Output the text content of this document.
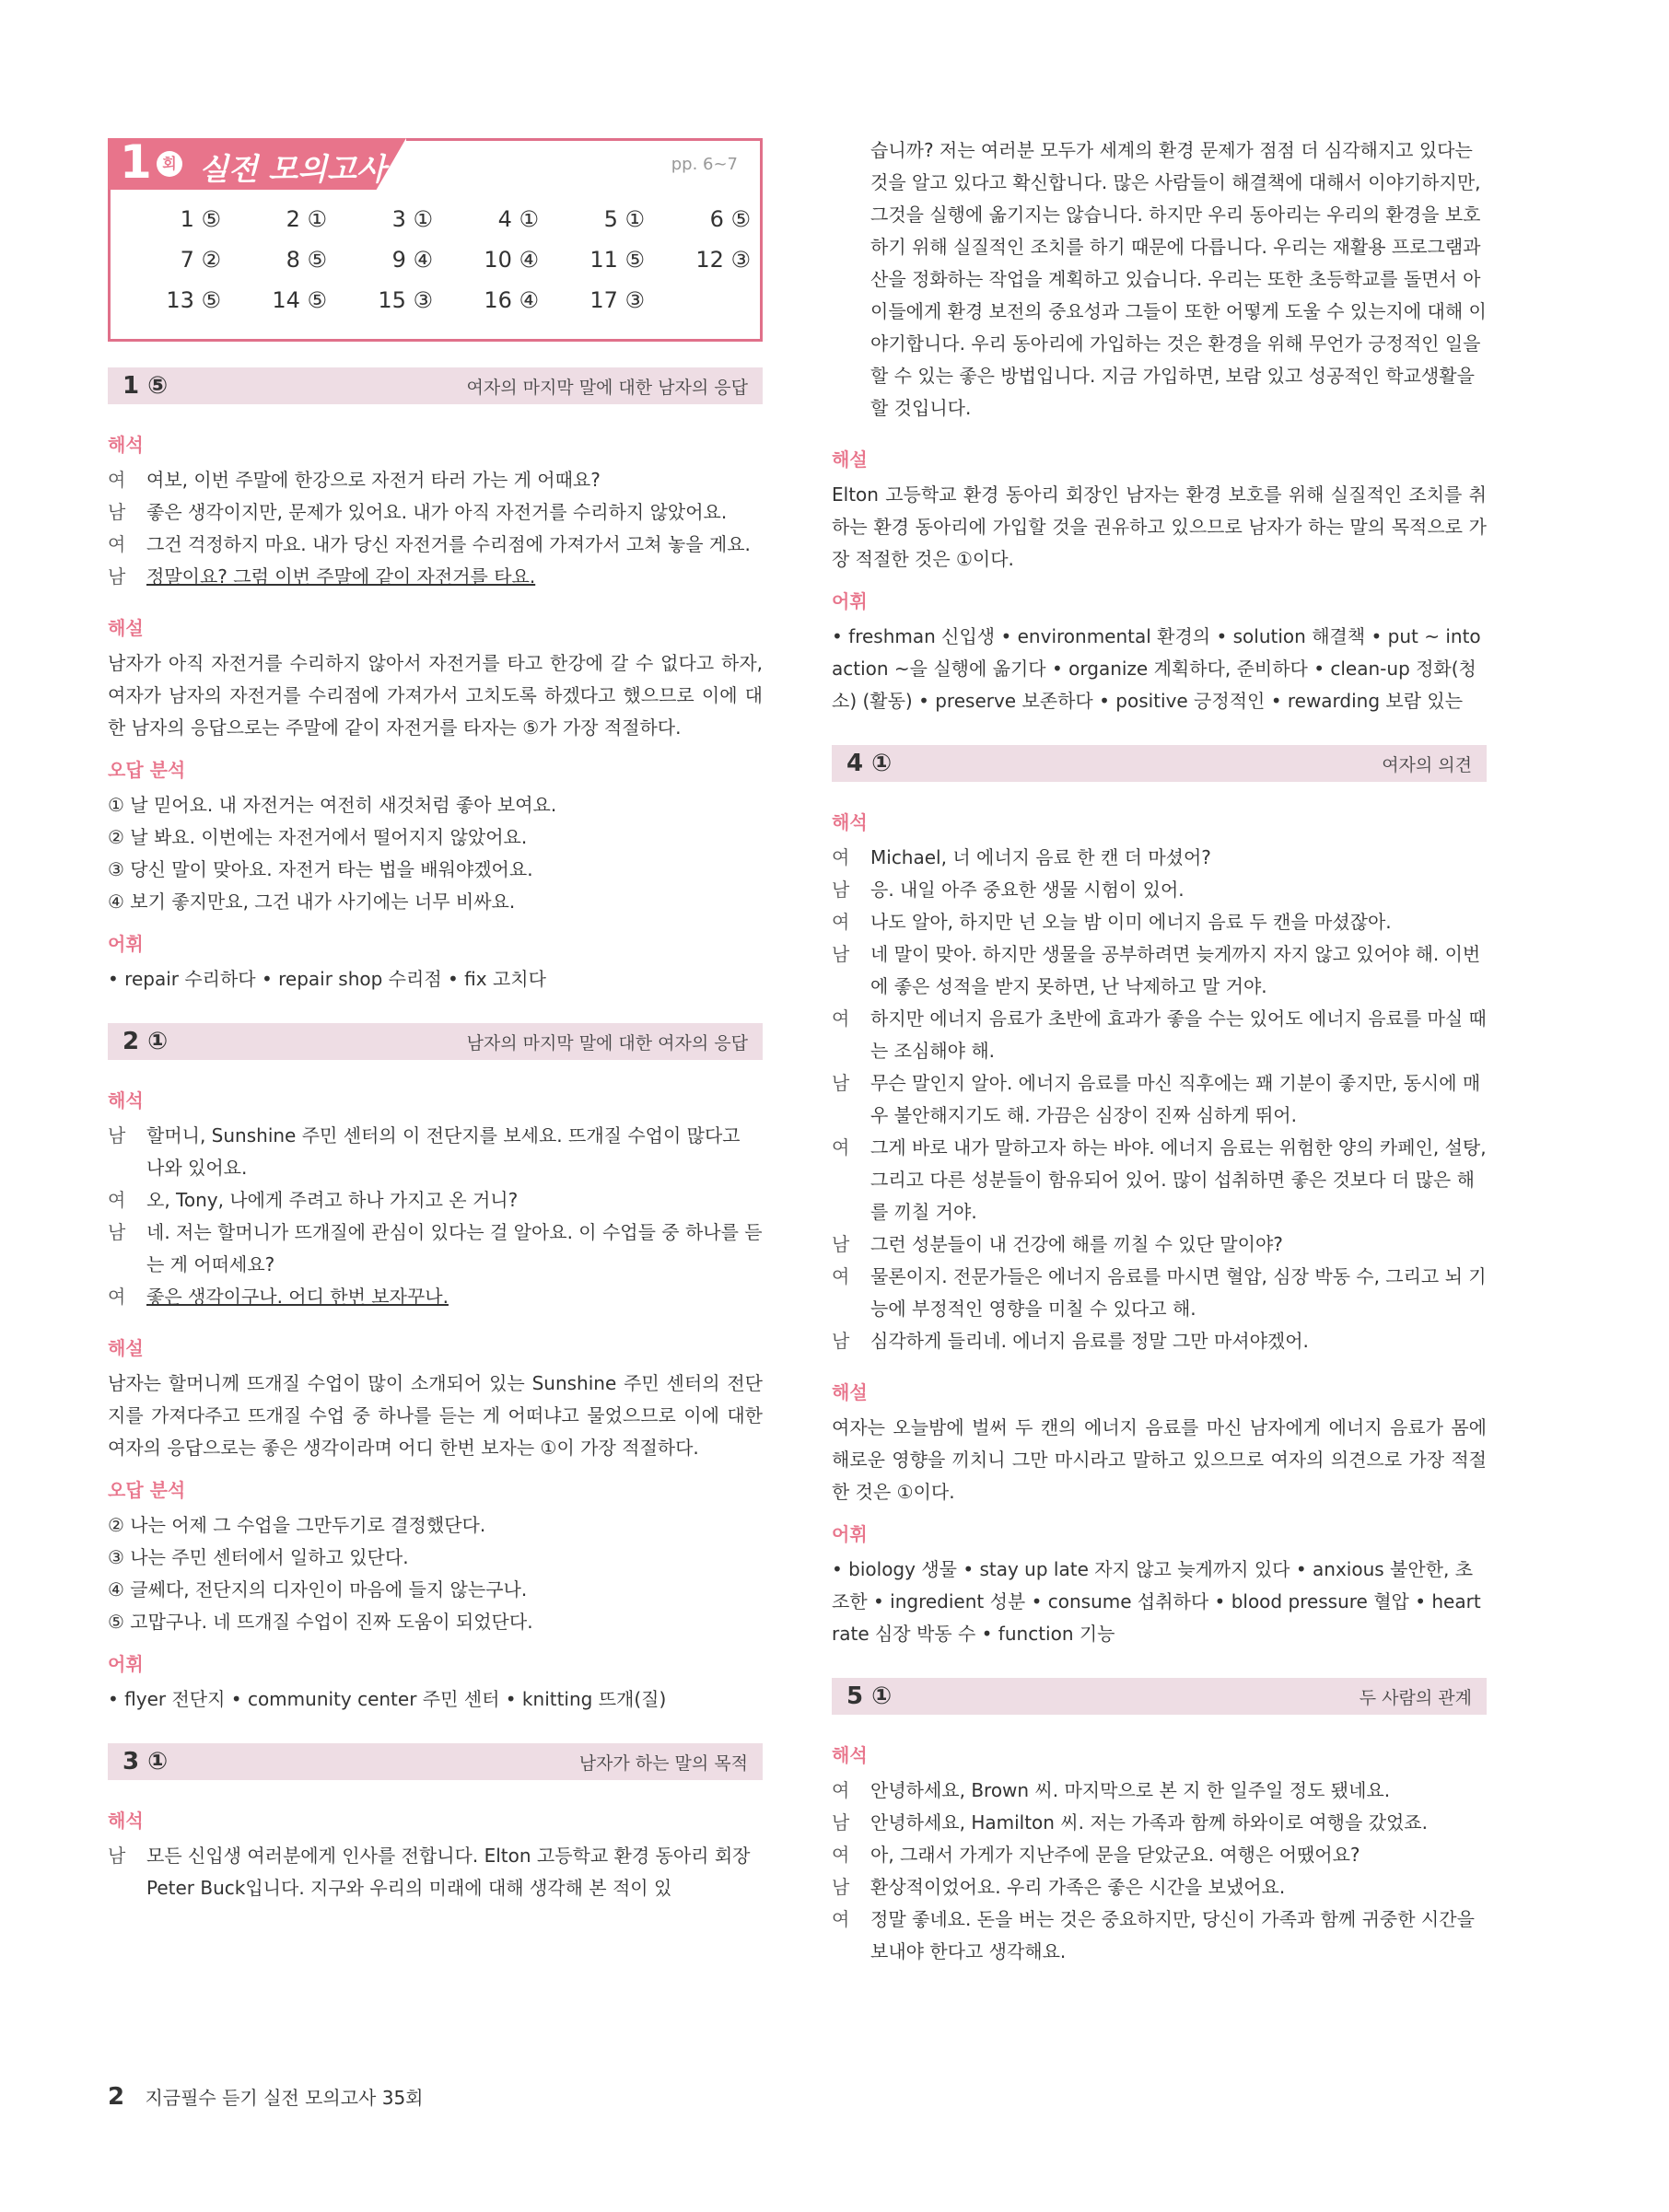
1 회 실전 모의고사	pp. 6~7
1 ⑤	2 ①	3 ①	4 ①	5 ①	6 ⑤
7 ②	8 ⑤	9 ④	10 ④	11 ⑤	12 ③
13 ⑤	14 ⑤	15 ③	16 ④	17 ③
1 ⑤	여자의 마지막 말에 대한 남자의 응답
해석
여 여보, 이번 주말에 한강으로 자전거 타러 가는 게 어때요?
남 좋은 생각이지만, 문제가 있어요. 내가 아직 자전거를 수리하지 않았어요.
여 그건 걱정하지 마요. 내가 당신 자전거를 수리점에 가져가서 고쳐 놓을 게요.
남 정말이요? 그럼 이번 주말에 같이 자전거를 타요.
해설
남자가 아직 자전거를 수리하지 않아서 자전거를 타고 한강에 갈 수 없다고 하자, 여자가 남자의 자전거를 수리점에 가져가서 고치도록 하겠다고 했으므로 이에 대한 남자의 응답으로는 주말에 같이 자전거를 타자는 ⑤가 가장 적절하다.
오답 분석
① 날 믿어요. 내 자전거는 여전히 새것처럼 좋아 보여요.
② 날 봐요. 이번에는 자전거에서 떨어지지 않았어요.
③ 당신 말이 맞아요. 자전거 타는 법을 배워야겠어요.
④ 보기 좋지만요, 그건 내가 사기에는 너무 비싸요.
어휘
• repair 수리하다 • repair shop 수리점 • fix 고치다
2 ①	남자의 마지막 말에 대한 여자의 응답
해석
남 할머니, Sunshine 주민 센터의 이 전단지를 보세요. 뜨개질 수업이 많다고 나와 있어요.
여 오, Tony, 나에게 주려고 하나 가지고 온 거니?
남 네. 저는 할머니가 뜨개질에 관심이 있다는 걸 알아요. 이 수업들 중 하나를 듣는 게 어떠세요?
여 좋은 생각이구나. 어디 한번 보자꾸나.
해설
남자는 할머니께 뜨개질 수업이 많이 소개되어 있는 Sunshine 주민 센터의 전단지를 가져다주고 뜨개질 수업 중 하나를 듣는 게 어떠냐고 물었으므로 이에 대한 여자의 응답으로는 좋은 생각이라며 어디 한번 보자는 ①이 가장 적절하다.
오답 분석
② 나는 어제 그 수업을 그만두기로 결정했단다.
③ 나는 주민 센터에서 일하고 있단다.
④ 글쎄다, 전단지의 디자인이 마음에 들지 않는구나.
⑤ 고맙구나. 네 뜨개질 수업이 진짜 도움이 되었단다.
어휘
• flyer 전단지 • community center 주민 센터 • knitting 뜨개(질)
3 ①	남자가 하는 말의 목적
해석
남 모든 신입생 여러분에게 인사를 전합니다. Elton 고등학교 환경 동아리 회장 Peter Buck입니다. 지구와 우리의 미래에 대해 생각해 본 적이 있
습니까? 저는 여러분 모두가 세계의 환경 문제가 점점 더 심각해지고 있다는 것을 알고 있다고 확신합니다. 많은 사람들이 해결책에 대해서 이야기하지만, 그것을 실행에 옮기지는 않습니다. 하지만 우리 동아리는 우리의 환경을 보호하기 위해 실질적인 조치를 하기 때문에 다릅니다. 우리는 재활용 프로그램과 산을 정화하는 작업을 계획하고 있습니다. 우리는 또한 초등학교를 돌면서 아이들에게 환경 보전의 중요성과 그들이 또한 어떻게 도울 수 있는지에 대해 이야기합니다. 우리 동아리에 가입하는 것은 환경을 위해 무언가 긍정적인 일을 할 수 있는 좋은 방법입니다. 지금 가입하면, 보람 있고 성공적인 학교생활을 할 것입니다.
해설
Elton 고등학교 환경 동아리 회장인 남자는 환경 보호를 위해 실질적인 조치를 취하는 환경 동아리에 가입할 것을 권유하고 있으므로 남자가 하는 말의 목적으로 가장 적절한 것은 ①이다.
어휘
• freshman 신입생 • environmental 환경의 • solution 해결책 • put ~ into action ~을 실행에 옮기다 • organize 계획하다, 준비하다 • clean-up 정화(청소) (활동) • preserve 보존하다 • positive 긍정적인 • rewarding 보람 있는
4 ①	여자의 의견
해석
여 Michael, 너 에너지 음료 한 캔 더 마셨어?
남 응. 내일 아주 중요한 생물 시험이 있어.
여 나도 알아, 하지만 넌 오늘 밤 이미 에너지 음료 두 캔을 마셨잖아.
남 네 말이 맞아. 하지만 생물을 공부하려면 늦게까지 자지 않고 있어야 해. 이번에 좋은 성적을 받지 못하면, 난 낙제하고 말 거야.
여 하지만 에너지 음료가 초반에 효과가 좋을 수는 있어도 에너지 음료를 마실 때는 조심해야 해.
남 무슨 말인지 알아. 에너지 음료를 마신 직후에는 꽤 기분이 좋지만, 동시에 매우 불안해지기도 해. 가끔은 심장이 진짜 심하게 뛰어.
여 그게 바로 내가 말하고자 하는 바야. 에너지 음료는 위험한 양의 카페인, 설탕, 그리고 다른 성분들이 함유되어 있어. 많이 섭취하면 좋은 것보다 더 많은 해를 끼칠 거야.
남 그런 성분들이 내 건강에 해를 끼칠 수 있단 말이야?
여 물론이지. 전문가들은 에너지 음료를 마시면 혈압, 심장 박동 수, 그리고 뇌 기능에 부정적인 영향을 미칠 수 있다고 해.
남 심각하게 들리네. 에너지 음료를 정말 그만 마셔야겠어.
해설
여자는 오늘밤에 벌써 두 캔의 에너지 음료를 마신 남자에게 에너지 음료가 몸에 해로운 영향을 끼치니 그만 마시라고 말하고 있으므로 여자의 의견으로 가장 적절한 것은 ①이다.
어휘
• biology 생물 • stay up late 자지 않고 늦게까지 있다 • anxious 불안한, 초조한 • ingredient 성분 • consume 섭취하다 • blood pressure 혈압 • heart rate 심장 박동 수 • function 기능
5 ①	두 사람의 관계
해석
여 안녕하세요, Brown 씨. 마지막으로 본 지 한 일주일 정도 됐네요.
남 안녕하세요, Hamilton 씨. 저는 가족과 함께 하와이로 여행을 갔었죠.
여 아, 그래서 가게가 지난주에 문을 닫았군요. 여행은 어땠어요?
남 환상적이었어요. 우리 가족은 좋은 시간을 보냈어요.
여 정말 좋네요. 돈을 버는 것은 중요하지만, 당신이 가족과 함께 귀중한 시간을 보내야 한다고 생각해요.
2 지금필수 듣기 실전 모의고사 35회
